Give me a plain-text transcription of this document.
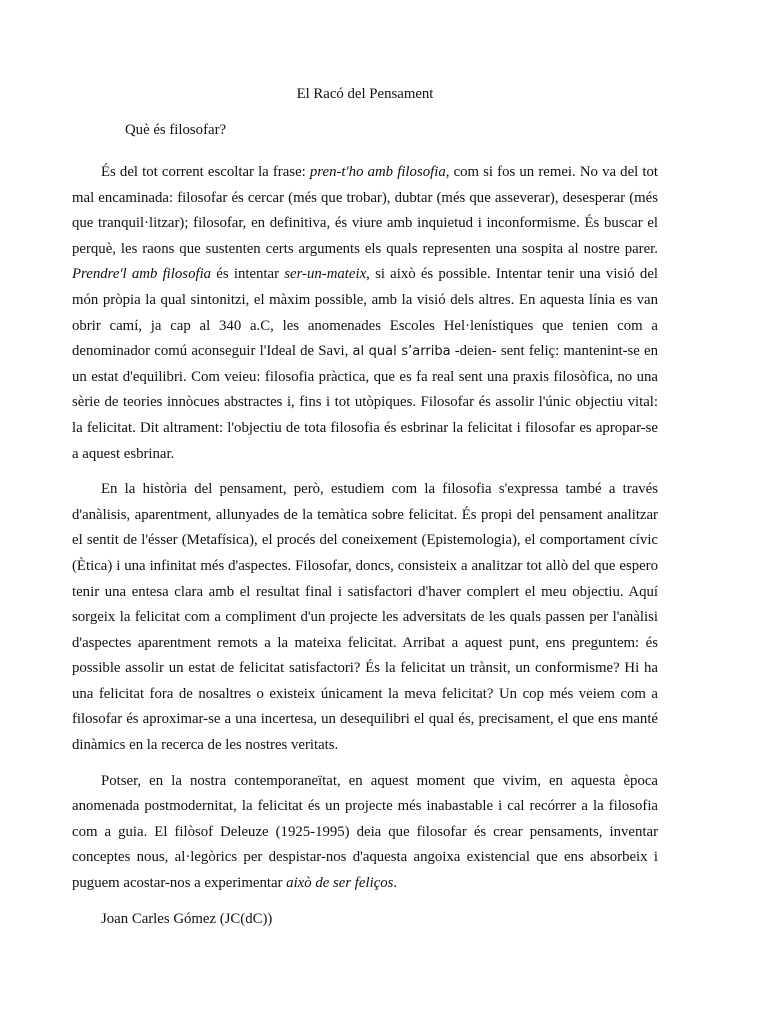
El Racó del Pensament

Què és filosofar?

És del tot corrent escoltar la frase: pren-t'ho amb filosofia, com si fos un remei. No va del tot mal encaminada: filosofar és cercar (més que trobar), dubtar (més que asseverar), desesperar (més que tranquil·litzar); filosofar, en definitiva, és viure amb inquietud i inconformisme. És buscar el perquè, les raons que sustenten certs arguments els quals representen una sospita al nostre parer. Prendre'l amb filosofia és intentar ser-un-mateix, si això és possible. Intentar tenir una visió del món pròpia la qual sintonitzi, el màxim possible, amb la visió dels altres. En aquesta línia es van obrir camí, ja cap al 340 a.C, les anomenades Escoles Hel·lenístiques que tenien com a denominador comú aconseguir l'Ideal de Savi, al qual s’arriba -deien- sent feliç: mantenint-se en un estat d'equilibri. Com veieu: filosofia pràctica, que es fa real sent una praxis filosòfica, no una sèrie de teories innòcues abstractes i, fins i tot utòpiques. Filosofar és assolir l'únic objectiu vital: la felicitat. Dit altrament: l'objectiu de tota filosofia és esbrinar la felicitat i filosofar es apropar-se a aquest esbrinar.

En la història del pensament, però, estudiem com la filosofia s'expressa també a través d'anàlisis, aparentment, allunyades de la temàtica sobre felicitat. És propi del pensament analitzar el sentit de l'ésser (Metafísica), el procés del coneixement (Epistemologia), el comportament cívic (Ètica) i una infinitat més d'aspectes. Filosofar, doncs, consisteix a analitzar tot allò del que espero tenir una entesa clara amb el resultat final i satisfactori d'haver complert el meu objectiu. Aquí sorgeix la felicitat com a compliment d'un projecte les adversitats de les quals passen per l'anàlisi d'aspectes aparentment remots a la mateixa felicitat. Arribat a aquest punt, ens preguntem: és possible assolir un estat de felicitat satisfactori? És la felicitat un trànsit, un conformisme? Hi ha una felicitat fora de nosaltres o existeix únicament la meva felicitat? Un cop més veiem com a filosofar és aproximar-se a una incertesa, un desequilibri el qual és, precisament, el que ens manté dinàmics en la recerca de les nostres veritats.

Potser, en la nostra contemporaneïtat, en aquest moment que vivim, en aquesta època anomenada postmodernitat, la felicitat és un projecte més inabastable i cal recórrer a la filosofia com a guia. El filòsof Deleuze (1925-1995) deia que filosofar és crear pensaments, inventar conceptes nous, al·legòrics per despistar-nos d'aquesta angoixa existencial que ens absorbeix i puguem acostar-nos a experimentar això de ser feliços.

Joan Carles Gómez (JC(dC))
